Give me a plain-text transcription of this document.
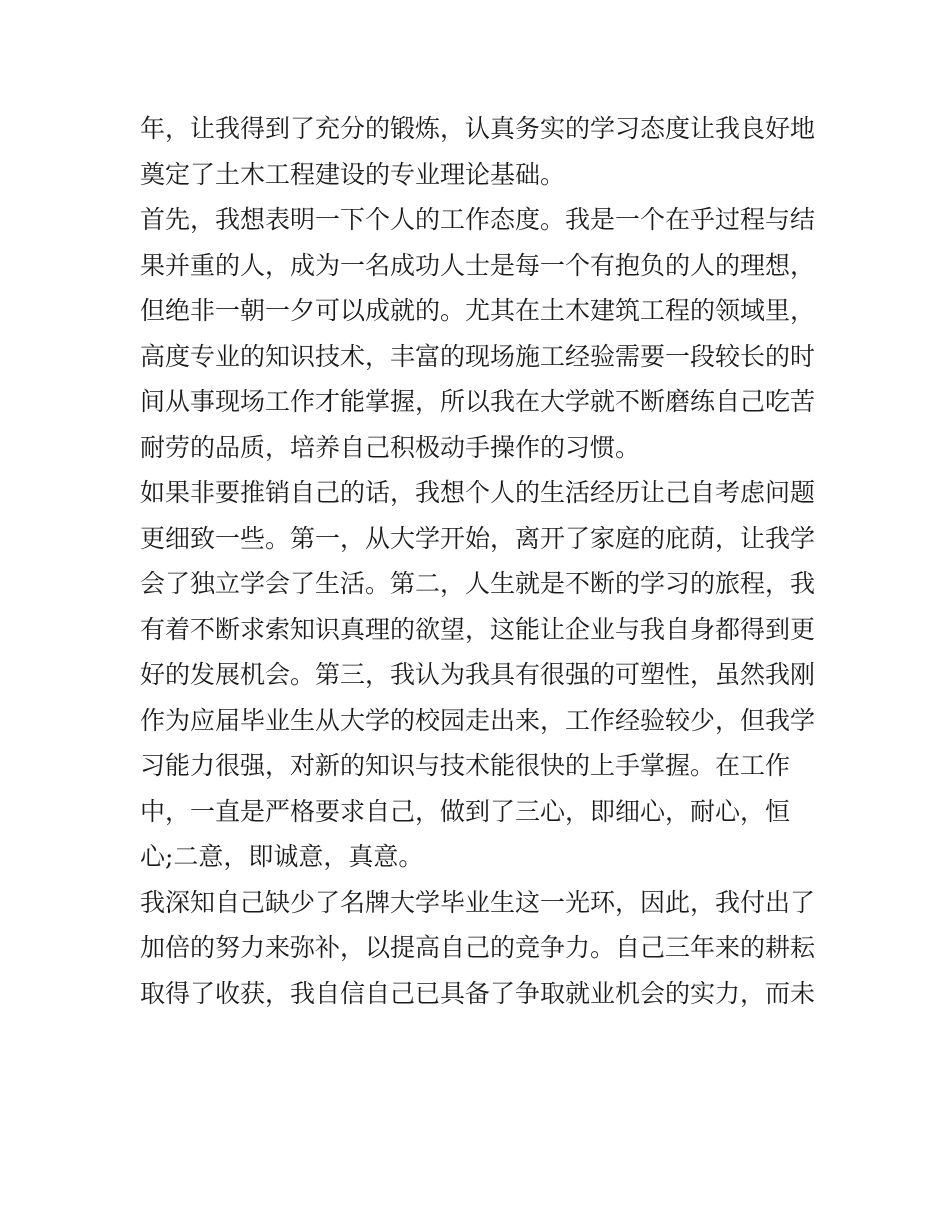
年，让我得到了充分的锻炼，认真务实的学习态度让我良好地
奠定了土木工程建设的专业理论基础。
首先，我想表明一下个人的工作态度。我是一个在乎过程与结
果并重的人，成为一名成功人士是每一个有抱负的人的理想，
但绝非一朝一夕可以成就的。尤其在土木建筑工程的领域里，
高度专业的知识技术，丰富的现场施工经验需要一段较长的时
间从事现场工作才能掌握，所以我在大学就不断磨练自己吃苦
耐劳的品质，培养自己积极动手操作的习惯。
如果非要推销自己的话，我想个人的生活经历让己自考虑问题
更细致一些。第一，从大学开始，离开了家庭的庇荫，让我学
会了独立学会了生活。第二，人生就是不断的学习的旅程，我
有着不断求索知识真理的欲望，这能让企业与我自身都得到更
好的发展机会。第三，我认为我具有很强的可塑性，虽然我刚
作为应届毕业生从大学的校园走出来，工作经验较少，但我学
习能力很强，对新的知识与技术能很快的上手掌握。在工作
中，一直是严格要求自己，做到了三心，即细心，耐心，恒
心;二意，即诚意，真意。
我深知自己缺少了名牌大学毕业生这一光环，因此，我付出了
加倍的努力来弥补，以提高自己的竞争力。自己三年来的耕耘
取得了收获，我自信自己已具备了争取就业机会的实力，而未
